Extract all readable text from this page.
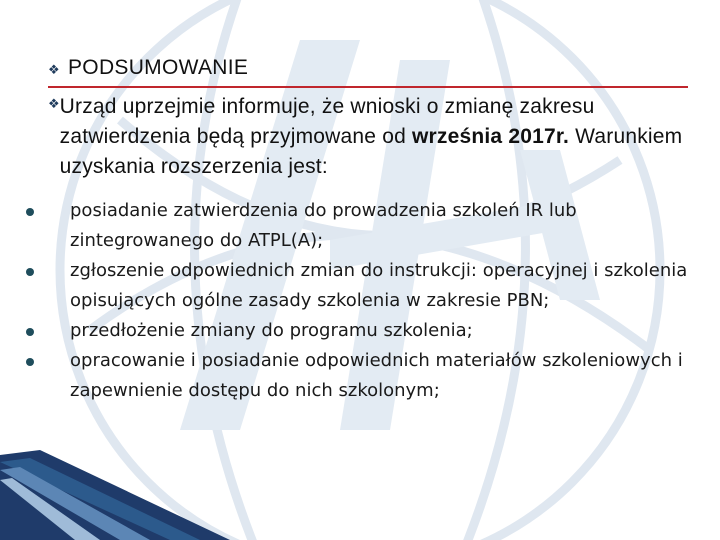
❖ PODSUMOWANIE
❖ Urząd uprzejmie informuje, że wnioski o zmianę zakresu zatwierdzenia będą przyjmowane od września 2017r. Warunkiem uzyskania rozszerzenia jest:
posiadanie zatwierdzenia do prowadzenia szkoleń IR lub zintegrowanego do ATPL(A);
zgłoszenie odpowiednich zmian do instrukcji: operacyjnej i szkolenia opisujących ogólne zasady szkolenia w zakresie PBN;
przedłożenie zmiany do programu szkolenia;
opracowanie i posiadanie odpowiednich materiałów szkoleniowych i zapewnienie dostępu do nich szkolonym;
